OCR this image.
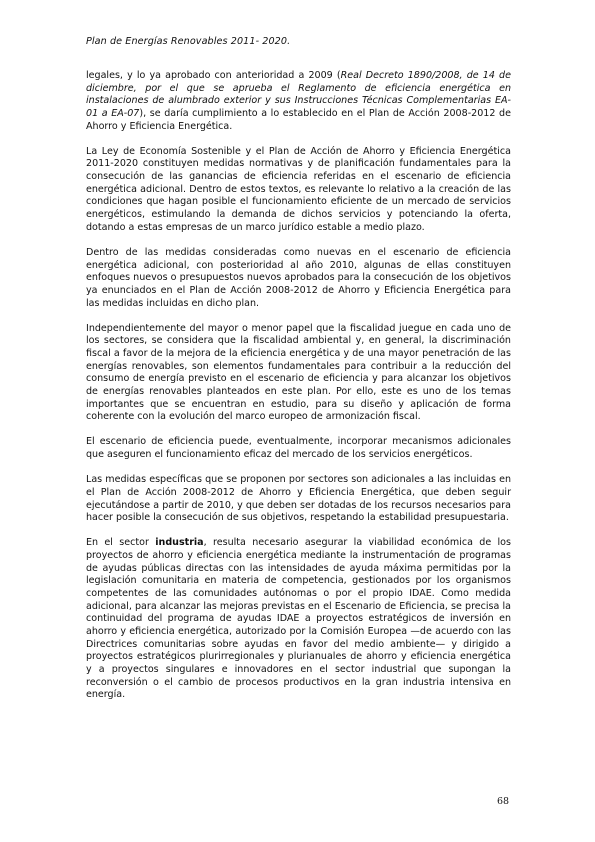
Plan de Energías Renovables 2011- 2020.

legales, y lo ya aprobado con anterioridad a 2009 (Real Decreto 1890/2008, de 14 de diciembre, por el que se aprueba el Reglamento de eficiencia energética en instalaciones de alumbrado exterior y sus Instrucciones Técnicas Complementarias EA-01 a EA-07), se daría cumplimiento a lo establecido en el Plan de Acción 2008-2012 de Ahorro y Eficiencia Energética.

La Ley de Economía Sostenible y el Plan de Acción de Ahorro y Eficiencia Energética 2011-2020 constituyen medidas normativas y de planificación fundamentales para la consecución de las ganancias de eficiencia referidas en el escenario de eficiencia energética adicional. Dentro de estos textos, es relevante lo relativo a la creación de las condiciones que hagan posible el funcionamiento eficiente de un mercado de servicios energéticos, estimulando la demanda de dichos servicios y potenciando la oferta, dotando a estas empresas de un marco jurídico estable a medio plazo.

Dentro de las medidas consideradas como nuevas en el escenario de eficiencia energética adicional, con posterioridad al año 2010, algunas de ellas constituyen enfoques nuevos o presupuestos nuevos aprobados para la consecución de los objetivos ya enunciados en el Plan de Acción 2008-2012 de Ahorro y Eficiencia Energética para las medidas incluidas en dicho plan.

Independientemente del mayor o menor papel que la fiscalidad juegue en cada uno de los sectores, se considera que la fiscalidad ambiental y, en general, la discriminación fiscal a favor de la mejora de la eficiencia energética y de una mayor penetración de las energías renovables, son elementos fundamentales para contribuir a la reducción del consumo de energía previsto en el escenario de eficiencia y para alcanzar los objetivos de energías renovables planteados en este plan. Por ello, este es uno de los temas importantes que se encuentran en estudio, para su diseño y aplicación de forma coherente con la evolución del marco europeo de armonización fiscal.

El escenario de eficiencia puede, eventualmente, incorporar mecanismos adicionales que aseguren el funcionamiento eficaz del mercado de los servicios energéticos.

Las medidas específicas que se proponen por sectores son adicionales a las incluidas en el Plan de Acción 2008-2012 de Ahorro y Eficiencia Energética, que deben seguir ejecutándose a partir de 2010, y que deben ser dotadas de los recursos necesarios para hacer posible la consecución de sus objetivos, respetando la estabilidad presupuestaria.

En el sector industria, resulta necesario asegurar la viabilidad económica de los proyectos de ahorro y eficiencia energética mediante la instrumentación de programas de ayudas públicas directas con las intensidades de ayuda máxima permitidas por la legislación comunitaria en materia de competencia, gestionados por los organismos competentes de las comunidades autónomas o por el propio IDAE. Como medida adicional, para alcanzar las mejoras previstas en el Escenario de Eficiencia, se precisa la continuidad del programa de ayudas IDAE a proyectos estratégicos de inversión en ahorro y eficiencia energética, autorizado por la Comisión Europea —de acuerdo con las Directrices comunitarias sobre ayudas en favor del medio ambiente— y dirigido a proyectos estratégicos plurirregionales y plurianuales de ahorro y eficiencia energética y a proyectos singulares e innovadores en el sector industrial que supongan la reconversión o el cambio de procesos productivos en la gran industria intensiva en energía.

68
